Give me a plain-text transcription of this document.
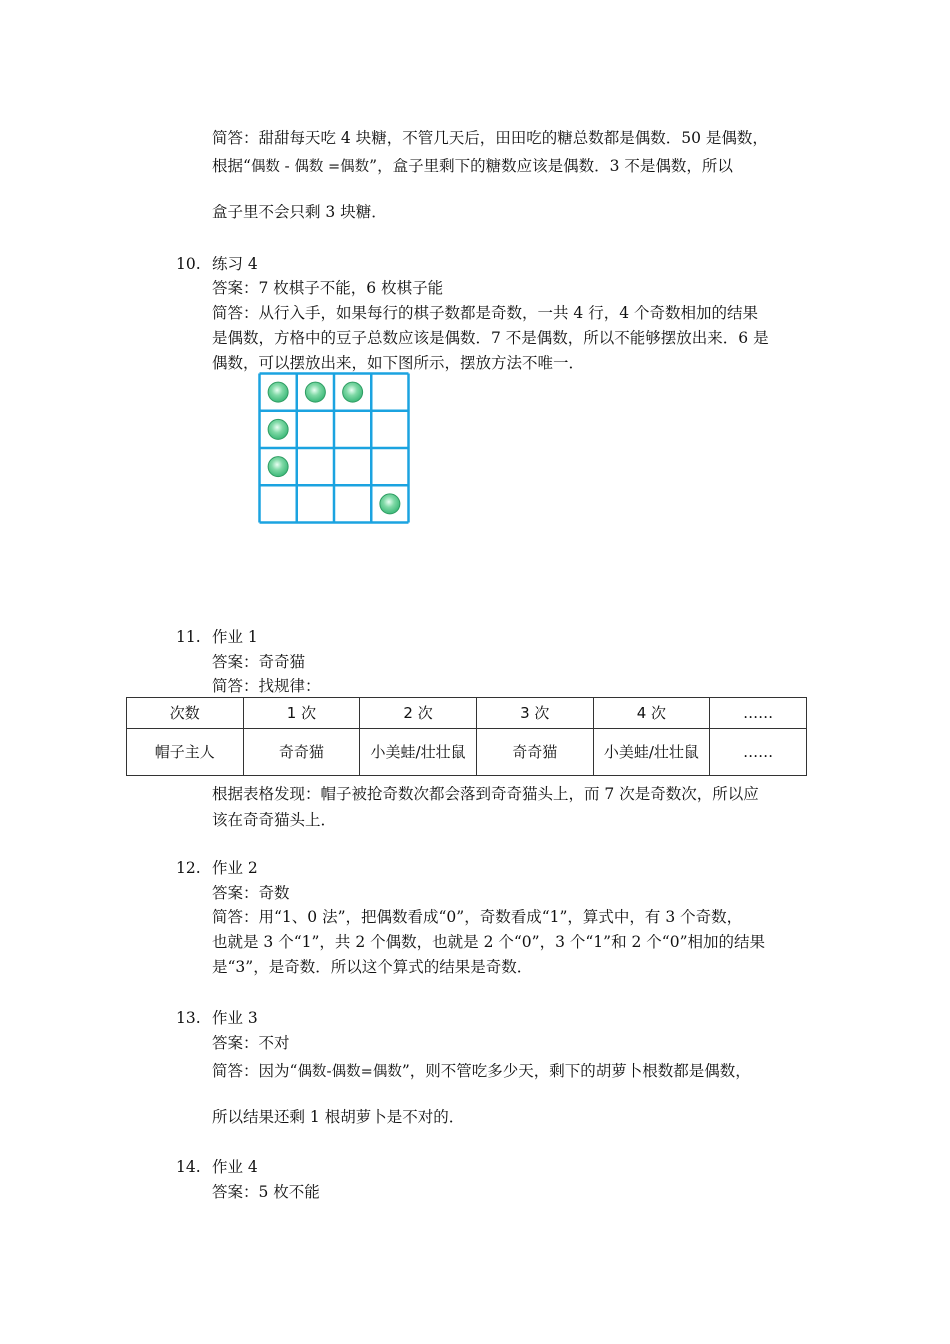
简答：甜甜每天吃 4 块糖，不管几天后，田田吃的糖总数都是偶数．50 是偶数，
根据“偶数 - 偶数 =偶数”，盒子里剩下的糖数应该是偶数．3 不是偶数，所以
盒子里不会只剩 3 块糖．
10. 练习 4
答案：7 枚棋子不能，6 枚棋子能
简答：从行入手，如果每行的棋子数都是奇数，一共 4 行，4 个奇数相加的结果
是偶数，方格中的豆子总数应该是偶数．7 不是偶数，所以不能够摆放出来．6 是
偶数，可以摆放出来，如下图所示，摆放方法不唯一．
11. 作业 1
答案：奇奇猫
简答：找规律：
次数	1 次	2 次	3 次	4 次	……
帽子主人	奇奇猫	小美蛙/壮壮鼠	奇奇猫	小美蛙/壮壮鼠	……
根据表格发现：帽子被抢奇数次都会落到奇奇猫头上，而 7 次是奇数次，所以应
该在奇奇猫头上．
12. 作业 2
答案：奇数
简答：用“1、0 法”，把偶数看成“0”，奇数看成“1”，算式中，有 3 个奇数，
也就是 3 个“1”，共 2 个偶数，也就是 2 个“0”，3 个“1”和 2 个“0”相加的结果
是“3”，是奇数．所以这个算式的结果是奇数．
13. 作业 3
答案：不对
简答：因为“偶数-偶数=偶数”，则不管吃多少天，剩下的胡萝卜根数都是偶数，
所以结果还剩 1 根胡萝卜是不对的．
14. 作业 4
答案：5 枚不能
